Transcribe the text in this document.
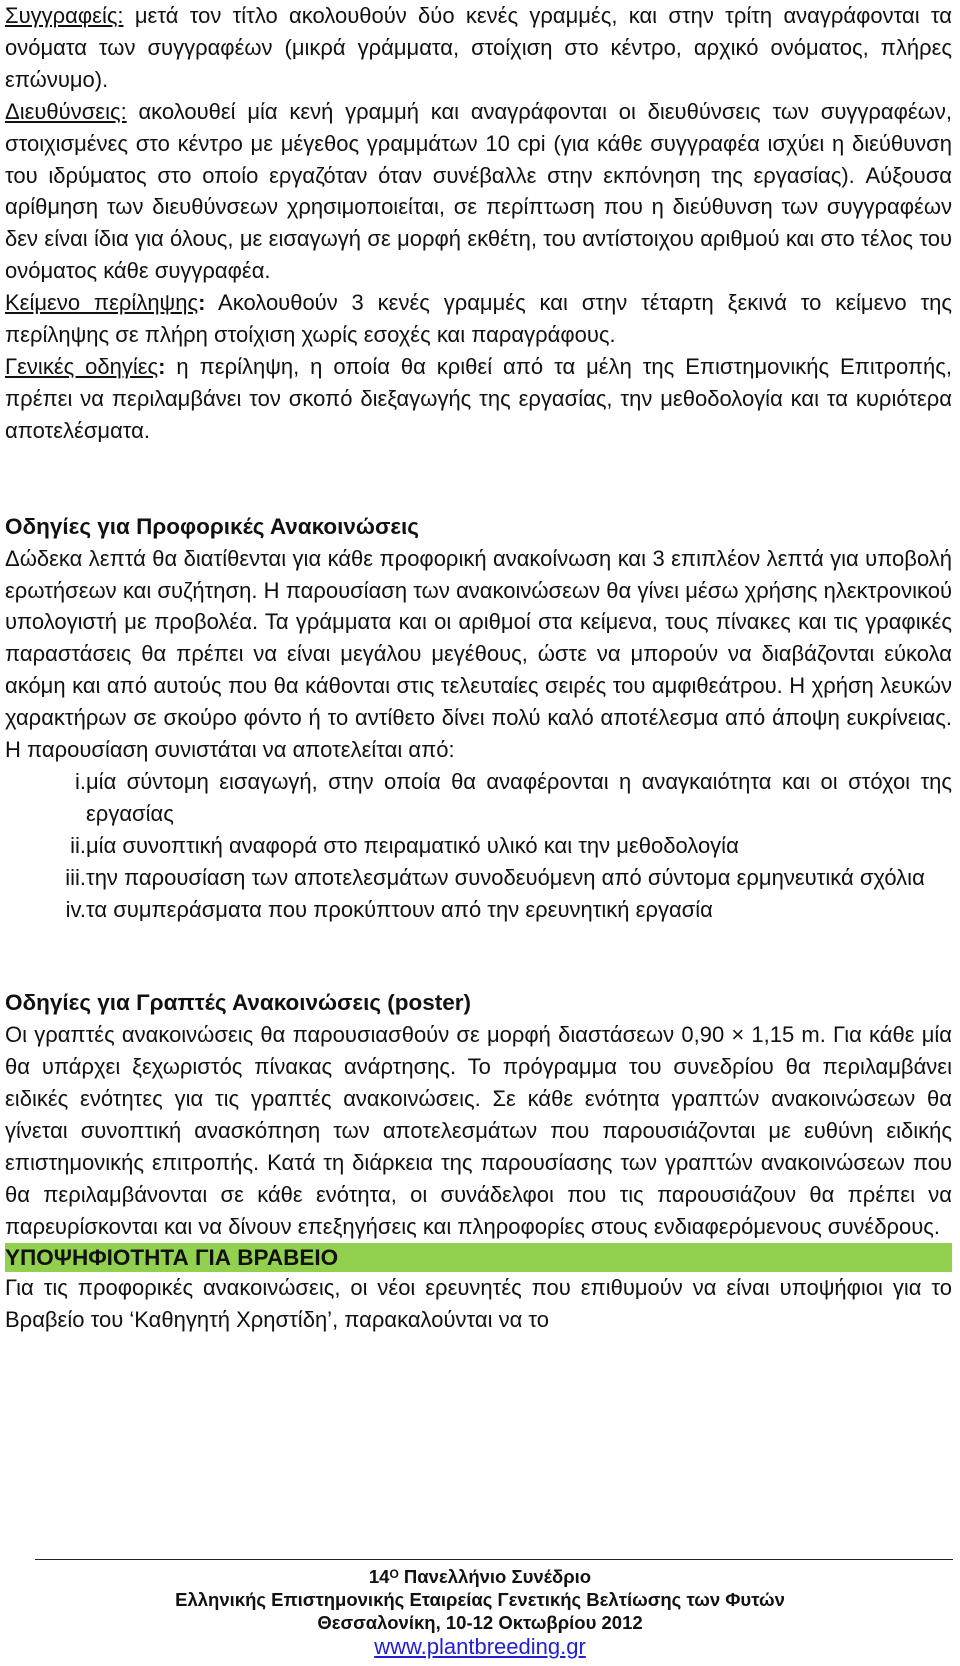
Συγγραφείς: μετά τον τίτλο ακολουθούν δύο κενές γραμμές, και στην τρίτη αναγράφονται τα ονόματα των συγγραφέων (μικρά γράμματα, στοίχιση στο κέντρο, αρχικό ονόματος, πλήρες επώνυμο).

Διευθύνσεις: ακολουθεί μία κενή γραμμή και αναγράφονται οι διευθύνσεις των συγγραφέων, στοιχισμένες στο κέντρο με μέγεθος γραμμάτων 10 cpi (για κάθε συγγραφέα ισχύει η διεύθυνση του ιδρύματος στο οποίο εργαζόταν όταν συνέβαλλε στην εκπόνηση της εργασίας). Αύξουσα αρίθμηση των διευθύνσεων χρησιμοποιείται, σε περίπτωση που η διεύθυνση των συγγραφέων δεν είναι ίδια για όλους, με εισαγωγή σε μορφή εκθέτη, του αντίστοιχου αριθμού και στο τέλος του ονόματος κάθε συγγραφέα.

Κείμενο περίληψης: Ακολουθούν 3 κενές γραμμές και στην τέταρτη ξεκινά το κείμενο της περίληψης σε πλήρη στοίχιση χωρίς εσοχές και παραγράφους.

Γενικές οδηγίες: η περίληψη, η οποία θα κριθεί από τα μέλη της Επιστημονικής Επιτροπής, πρέπει να περιλαμβάνει τον σκοπό διεξαγωγής της εργασίας, την μεθοδολογία και τα κυριότερα αποτελέσματα.

Οδηγίες για Προφορικές Ανακοινώσεις

Δώδεκα λεπτά θα διατίθενται για κάθε προφορική ανακοίνωση και 3 επιπλέον λεπτά για υποβολή ερωτήσεων και συζήτηση. Η παρουσίαση των ανακοινώσεων θα γίνει μέσω χρήσης ηλεκτρονικού υπολογιστή με προβολέα. Τα γράμματα και οι αριθμοί στα κείμενα, τους πίνακες και τις γραφικές παραστάσεις θα πρέπει να είναι μεγάλου μεγέθους, ώστε να μπορούν να διαβάζονται εύκολα ακόμη και από αυτούς που θα κάθονται στις τελευταίες σειρές του αμφιθεάτρου. Η χρήση λευκών χαρακτήρων σε σκούρο φόντο ή το αντίθετο δίνει πολύ καλό αποτέλεσμα από άποψη ευκρίνειας. Η παρουσίαση συνιστάται να αποτελείται από:

i. μία σύντομη εισαγωγή, στην οποία θα αναφέρονται η αναγκαιότητα και οι στόχοι της εργασίας
ii. μία συνοπτική αναφορά στο πειραματικό υλικό και την μεθοδολογία
iii. την παρουσίαση των αποτελεσμάτων συνοδευόμενη από σύντομα ερμηνευτικά σχόλια
iv. τα συμπεράσματα που προκύπτουν από την ερευνητική εργασία
Οδηγίες για Γραπτές Ανακοινώσεις (poster)

Οι γραπτές ανακοινώσεις θα παρουσιασθούν σε μορφή διαστάσεων 0,90 × 1,15 m. Για κάθε μία θα υπάρχει ξεχωριστός πίνακας ανάρτησης. Το πρόγραμμα του συνεδρίου θα περιλαμβάνει ειδικές ενότητες για τις γραπτές ανακοινώσεις. Σε κάθε ενότητα γραπτών ανακοινώσεων θα γίνεται συνοπτική ανασκόπηση των αποτελεσμάτων που παρουσιάζονται με ευθύνη ειδικής επιστημονικής επιτροπής. Κατά τη διάρκεια της παρουσίασης των γραπτών ανακοινώσεων που θα περιλαμβάνονται σε κάθε ενότητα, οι συνάδελφοι που τις παρουσιάζουν θα πρέπει να παρευρίσκονται και να δίνουν επεξηγήσεις και πληροφορίες στους ενδιαφερόμενους συνέδρους.

ΥΠΟΨΗΦΙΟΤΗΤΑ ΓΙΑ ΒΡΑΒΕΙΟ

Για τις προφορικές ανακοινώσεις, οι νέοι ερευνητές που επιθυμούν να είναι υποψήφιοι για το Βραβείο του ‘Καθηγητή Χρηστίδη’, παρακαλούνται να το

$14^O$ Πανελλήνιο Συνέδριο
Ελληνικής Επιστημονικής Εταιρείας Γενετικής Βελτίωσης των Φυτών
Θεσσαλονίκη, 10-12 Οκτωβρίου 2012
www.plantbreeding.gr
